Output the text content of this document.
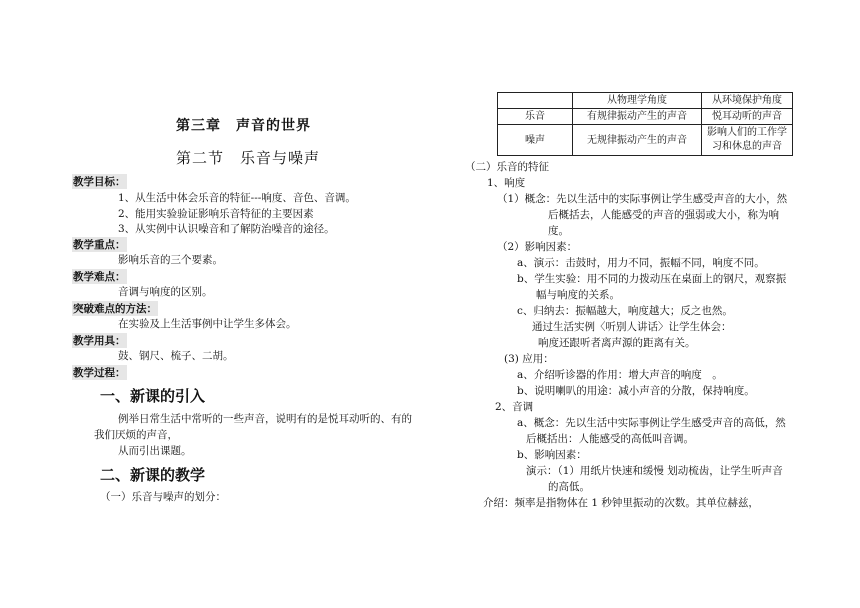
第三章　声音的世界
第二节　乐音与噪声
教学目标：
1、从生活中体会乐音的特征---响度、音色、音调。
2、能用实验验证影响乐音特征的主要因素
3、从实例中认识噪音和了解防治噪音的途径。
教学重点：
影响乐音的三个要素。
教学难点：
音调与响度的区别。
突破难点的方法：
在实验及上生活事例中让学生多体会。
教学用具：
鼓、钢尺、梳子、二胡。
教学过程：
一、新课的引入
例举日常生活中常听的一些声音，说明有的是悦耳动听的、有的
我们厌烦的声音，
从而引出课题。
二、新课的教学
（一）乐音与噪声的划分：
	从物理学角度	从环境保护角度
乐音	有规律振动产生的声音	悦耳动听的声音
噪声	无规律振动产生的声音	影响人们的工作学习和休息的声音
（二）乐音的特征
1、响度
（1）概念：先以生活中的实际事例让学生感受声音的大小，然
后概括去，人能感受的声音的强弱或大小，称为响
度。
（2）影响因素：
a、演示：击鼓时，用力不同，振幅不同，响度不同。
b、学生实验：用不同的力拨动压在桌面上的钢尺，观察振
幅与响度的关系。
c、归纳去：振幅越大，响度越大；反之也然。
通过生活实例〈听别人讲话〉让学生体会：
响度还跟听者离声源的距离有关。
(3) 应用：
a、介绍听诊器的作用：增大声音的响度　。
b、说明喇叭的用途：减小声音的分散，保持响度。
2、音调
a、概念：先以生活中实际事例让学生感受声音的高低，然
后概括出：人能感受的高低叫音调。
b、影响因素：
演示：（1）用纸片快速和缓慢 划动梳齿，让学生听声音
的高低。
介绍：频率是指物体在 1 秒钟里振动的次数。其单位赫兹，
